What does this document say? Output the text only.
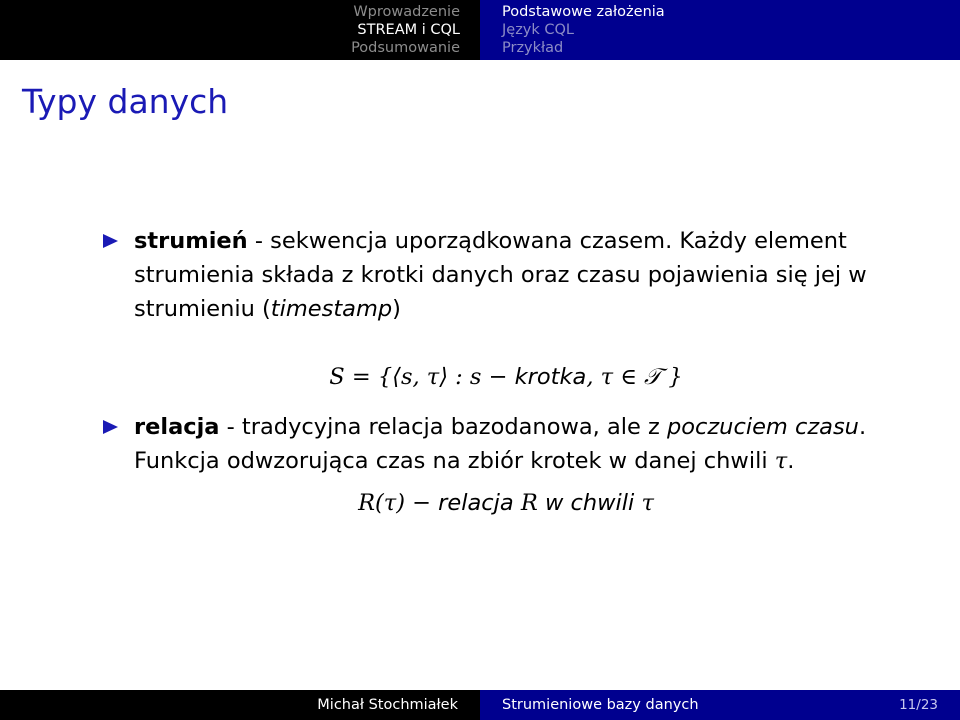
Wprowadzenie
STREAM i CQL
Podsumowanie
Podstawowe założenia
Język CQL
Przykład
Typy danych
strumień - sekwencja uporządkowana czasem. Każdy element strumienia składa z krotki danych oraz czasu pojawienia się jej w strumieniu (timestamp)
S = {⟨s, τ⟩ : s − krotka, τ ∈ 𝒯 }
relacja - tradycyjna relacja bazodanowa, ale z poczuciem czasu. Funkcja odwzorująca czas na zbiór krotek w danej chwili τ.
R(τ) − relacja R w chwili τ
Michał Stochmiałek	Strumieniowe bazy danych	11/23
